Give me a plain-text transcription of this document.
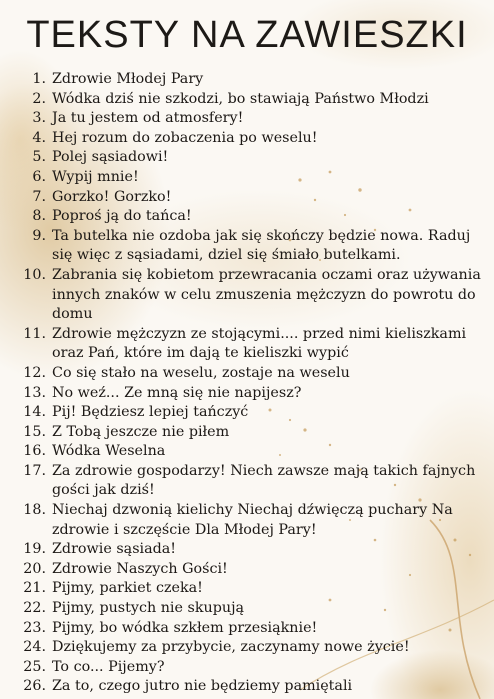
TEKSTY NA ZAWIESZKI
1. Zdrowie Młodej Pary
2. Wódka dziś nie szkodzi, bo stawiają Państwo Młodzi
3. Ja tu jestem od atmosfery!
4. Hej rozum do zobaczenia po weselu!
5. Polej sąsiadowi!
6. Wypij mnie!
7. Gorzko! Gorzko!
8. Poproś ją do tańca!
9. Ta butelka nie ozdoba jak się skończy będzie nowa. Raduj się więc z sąsiadami, dziel się śmiało butelkami.
10. Zabrania się kobietom przewracania oczami oraz używania innych znaków w celu zmuszenia mężczyzn do powrotu do domu
11. Zdrowie mężczyzn ze stojącymi.... przed nimi kieliszkami oraz Pań, które im dają te kieliszki wypić
12. Co się stało na weselu, zostaje na weselu
13. No weź... Ze mną się nie napijesz?
14. Pij! Będziesz lepiej tańczyć
15. Z Tobą jeszcze nie piłem
16. Wódka Weselna
17. Za zdrowie gospodarzy! Niech zawsze mają takich fajnych gości jak dziś!
18. Niechaj dzwonią kielichy Niechaj dźwięczą puchary Na zdrowie i szczęście Dla Młodej Pary!
19. Zdrowie sąsiada!
20. Zdrowie Naszych Gości!
21. Pijmy, parkiet czeka!
22. Pijmy, pustych nie skupują
23. Pijmy, bo wódka szkłem przesiąknie!
24. Dziękujemy za przybycie, zaczynamy nowe życie!
25. To co... Pijemy?
26. Za to, czego jutro nie będziemy pamiętali
